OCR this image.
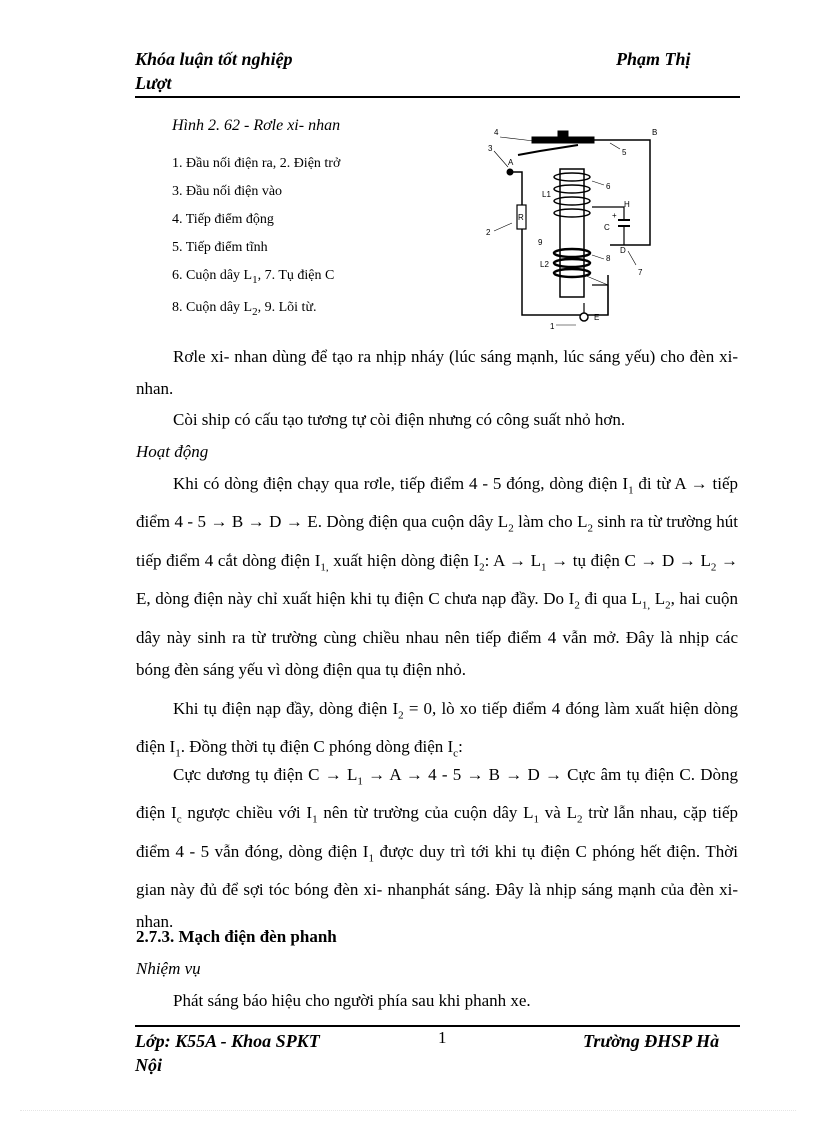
Khóa luận tốt nghiệp	Phạm Thị
Lượt
Hình 2. 62 - Rơle xi- nhan
1. Đầu nối điện ra, 2. Điện trở
3. Đầu nối điện vào
4. Tiếp điểm động
5. Tiếp điểm tĩnh
6. Cuộn dây $L_1$, 7. Tụ điện C
8. Cuộn dây $L_2$, 9. Lõi từ.
3
A
4	B
5
6
L1
2
R
H
+
C
9
L2
8
D
7
E
1
Rơle xi- nhan dùng để tạo ra nhịp nháy (lúc sáng mạnh, lúc sáng yếu) cho đèn xi- nhan.
Còi ship có cấu tạo tương tự còi điện nhưng có công suất nhỏ hơn.
Hoạt động
Khi có dòng điện chạy qua rơle, tiếp điểm 4 - 5 đóng, dòng điện $I_1$ đi từ A → tiếp điểm 4 - 5 → B → D → E. Dòng điện qua cuộn dây $L_2$ làm cho $L_2$ sinh ra từ trường hút tiếp điểm 4 cắt dòng điện $I_{1,}$ xuất hiện dòng điện $I_2$: $A \to L_1$ → tụ điện $C \to D \to L_2 \to E$, dòng điện này chỉ xuất hiện khi tụ điện C chưa nạp đầy. Do $I_2$ đi qua $L_{1,}$ $L_2$, hai cuộn dây này sinh ra từ trường cùng chiều nhau nên tiếp điểm 4 vẫn mở. Đây là nhịp các bóng đèn sáng yếu vì dòng điện qua tụ điện nhỏ.
Khi tụ điện nạp đầy, dòng điện $I_2 = 0$, lò xo tiếp điểm 4 đóng làm xuất hiện dòng điện $I_1$. Đồng thời tụ điện C phóng dòng điện $I_c$:
Cực dương tụ điện $C \to L_1 \to A \to 4 - 5 \to B \to D$ → Cực âm tụ điện C. Dòng điện $I_c$ ngược chiều với $I_1$ nên từ trường của cuộn dây $L_1$ và $L_2$ trừ lẫn nhau, cặp tiếp điểm 4 - 5 vẫn đóng, dòng điện $I_1$ được duy trì tới khi tụ điện C phóng hết điện. Thời gian này đủ để sợi tóc bóng đèn xi- nhanphát sáng. Đây là nhịp sáng mạnh của đèn xi- nhan.
2.7.3. Mạch điện đèn phanh
Nhiệm vụ
Phát sáng báo hiệu cho người phía sau khi phanh xe.
Lớp: K55A - Khoa SPKT	1	Trường ĐHSP Hà
Nội
